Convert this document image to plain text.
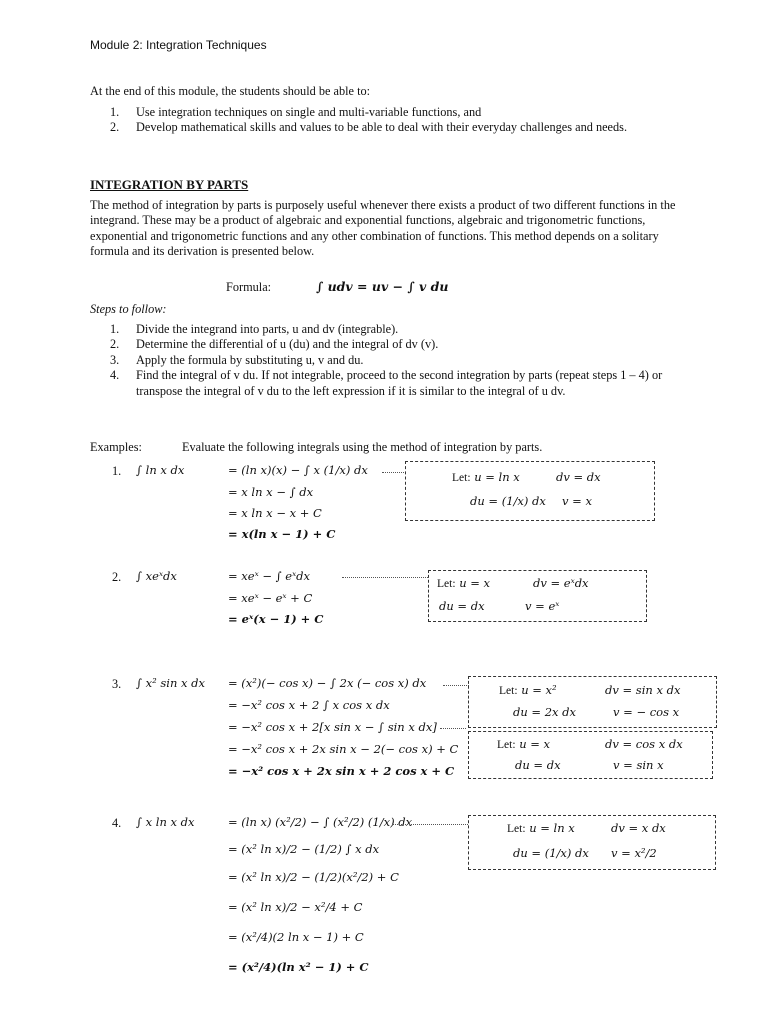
Module 2: Integration Techniques
At the end of this module, the students should be able to:
1. Use integration techniques on single and multi-variable functions, and
2. Develop mathematical skills and values to be able to deal with their everyday challenges and needs.
INTEGRATION BY PARTS
The method of integration by parts is purposely useful whenever there exists a product of two different functions in the integrand. These may be a product of algebraic and exponential functions, algebraic and trigonometric functions, exponential and trigonometric functions and any other combination of functions. This method depends on a solitary formula and its derivation is presented below.
Formula:	∫ udv = uv − ∫ v du
Steps to follow:
1. Divide the integrand into parts, u and dv (integrable).
2. Determine the differential of u (du) and the integral of dv (v).
3. Apply the formula by substituting u, v and du.
4. Find the integral of v du. If not integrable, proceed to the second integration by parts (repeat steps 1 – 4) or transpose the integral of v du to the left expression if it is similar to the integral of u dv.
Examples:	Evaluate the following integrals using the method of integration by parts.
1. ∫ ln x dx	= (ln x)(x) − ∫ x (1/x) dx
= x ln x − ∫ dx
= x ln x − x + C
= x(ln x − 1) + C
Let: u = ln x	dv = dx
du = (1/x) dx v = x
2. ∫ xeˣdx	= xeˣ − ∫ eˣdx
= xeˣ − eˣ + C
= eˣ(x − 1) + C
Let: u = x	dv = eˣdx
du = dx	v = eˣ
3. ∫ x² sin x dx = (x²)(− cos x) − ∫ 2x (− cos x) dx
= −x² cos x + 2 ∫ x cos x dx
= −x² cos x + 2[x sin x − ∫ sin x dx]
= −x² cos x + 2x sin x − 2(− cos x) + C
= −x² cos x + 2x sin x + 2 cos x + C
Let: u = x²	dv = sin x dx
du = 2x dx	v = − cos x
Let: u = x	dv = cos x dx
du = dx	v = sin x
4. ∫ x ln x dx	= (ln x) (x²/2) − ∫ (x²/2) (1/x) dx
= (x² ln x)/2 − (1/2) ∫ x dx
= (x² ln x)/2 − (1/2)(x²/2) + C
= (x² ln x)/2 − x²/4 + C
= (x²/4)(2 ln x − 1) + C
= (x²/4)(ln x² − 1) + C
Let: u = ln x	dv = x dx
du = (1/x) dx v = x²/2
